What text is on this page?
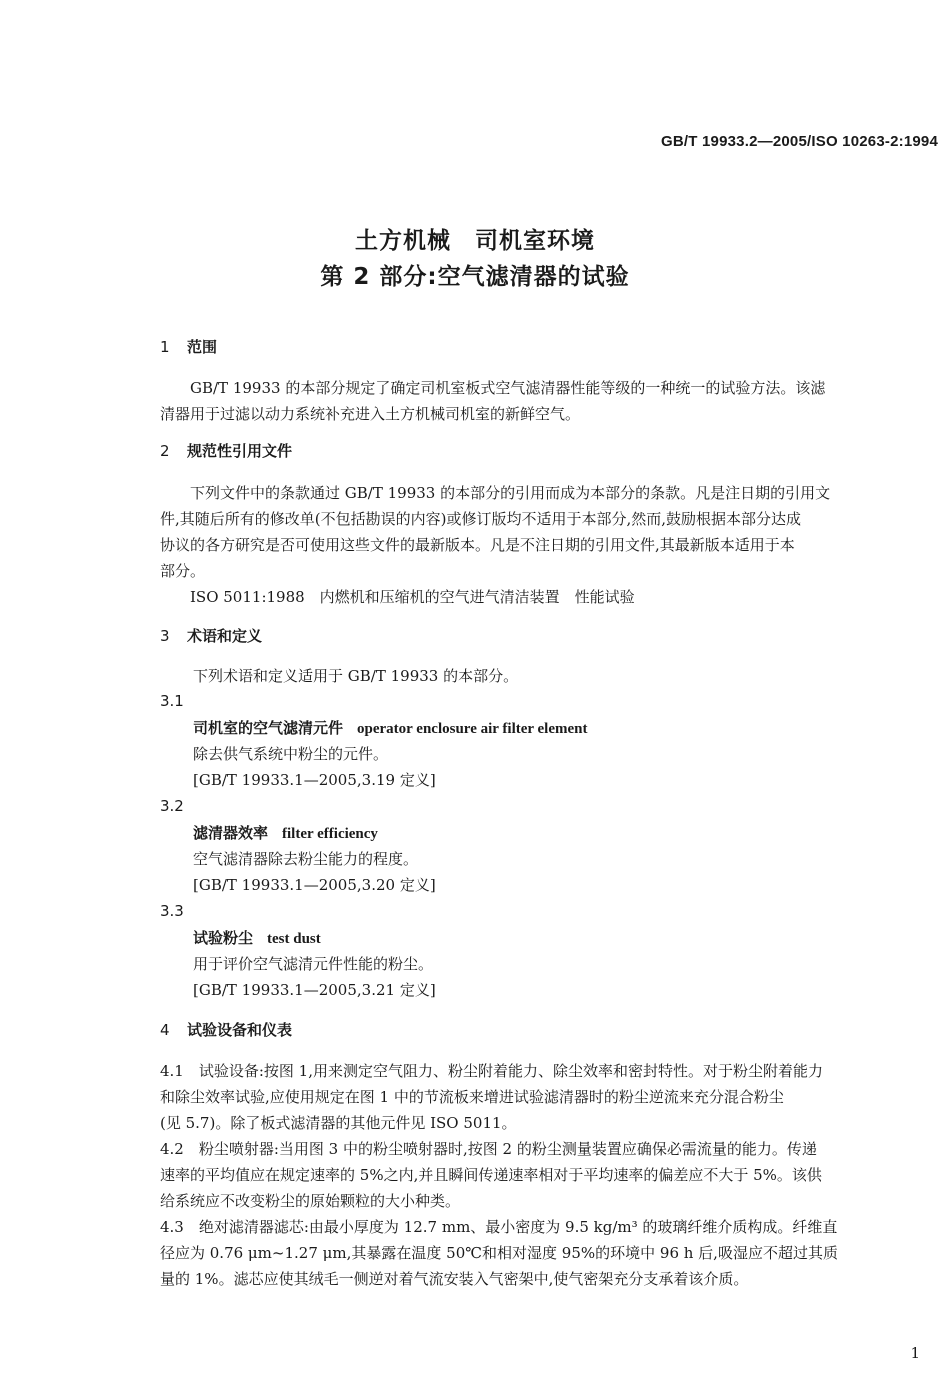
GB/T 19933.2—2005/ISO 10263-2:1994
土方机械　司机室环境
第 2 部分:空气滤清器的试验
1 范围

GB/T 19933 的本部分规定了确定司机室板式空气滤清器性能等级的一种统一的试验方法。该滤

清器用于过滤以动力系统补充进入土方机械司机室的新鲜空气。

2 规范性引用文件

下列文件中的条款通过 GB/T 19933 的本部分的引用而成为本部分的条款。凡是注日期的引用文

件,其随后所有的修改单(不包括勘误的内容)或修订版均不适用于本部分,然而,鼓励根据本部分达成

协议的各方研究是否可使用这些文件的最新版本。凡是不注日期的引用文件,其最新版本适用于本

部分。

ISO 5011:1988　内燃机和压缩机的空气进气清洁装置　性能试验

3 术语和定义
下列术语和定义适用于 GB/T 19933 的本部分。
3.1
司机室的空气滤清元件 operator enclosure air filter element
除去供气系统中粉尘的元件。
[GB/T 19933.1—2005,3.19 定义]
3.2
滤清器效率 filter efficiency
空气滤清器除去粉尘能力的程度。
[GB/T 19933.1—2005,3.20 定义]
3.3
试验粉尘 test dust
用于评价空气滤清元件性能的粉尘。
[GB/T 19933.1—2005,3.21 定义]
4 试验设备和仪表

4.1　试验设备:按图 1,用来测定空气阻力、粉尘附着能力、除尘效率和密封特性。对于粉尘附着能力

和除尘效率试验,应使用规定在图 1 中的节流板来增进试验滤清器时的粉尘逆流来充分混合粉尘

(见 5.7)。除了板式滤清器的其他元件见 ISO 5011。

4.2　粉尘喷射器:当用图 3 中的粉尘喷射器时,按图 2 的粉尘测量装置应确保必需流量的能力。传递

速率的平均值应在规定速率的 5%之内,并且瞬间传递速率相对于平均速率的偏差应不大于 5%。该供

给系统应不改变粉尘的原始颗粒的大小种类。

4.3　绝对滤清器滤芯:由最小厚度为 12.7 mm、最小密度为 9.5 kg/m³ 的玻璃纤维介质构成。纤维直

径应为 0.76 μm~1.27 μm,其暴露在温度 50℃和相对湿度 95%的环境中 96 h 后,吸湿应不超过其质

量的 1%。滤芯应使其绒毛一侧逆对着气流安装入气密架中,使气密架充分支承着该介质。

1
